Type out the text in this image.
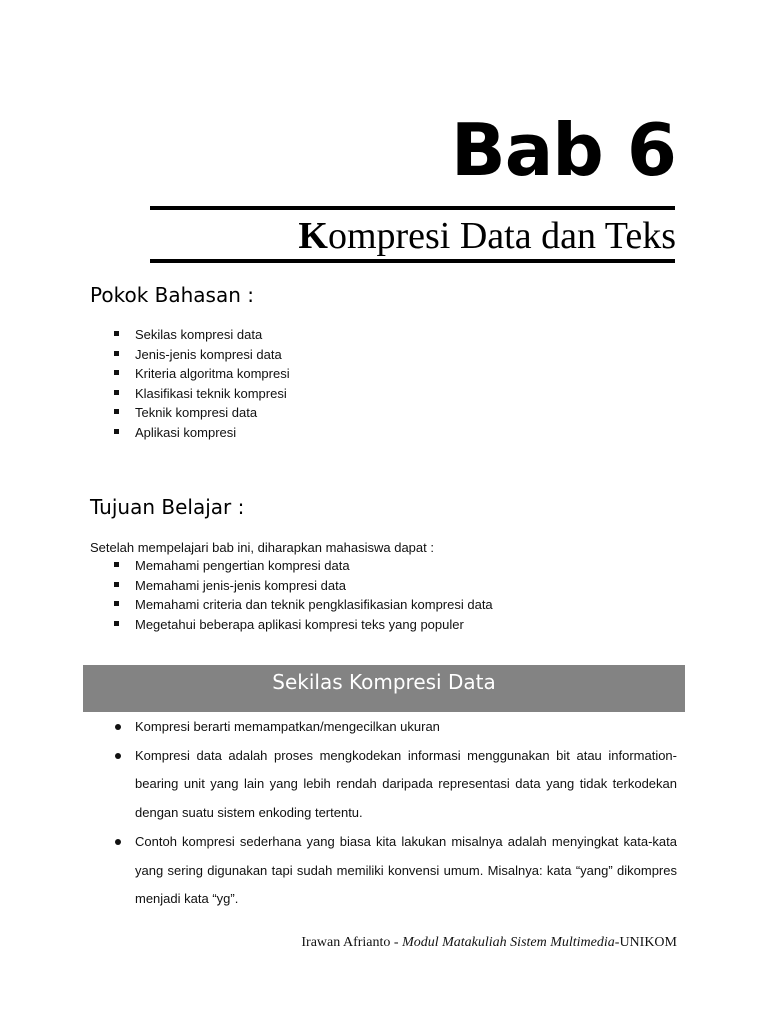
Bab 6
Kompresi Data dan Teks
Pokok Bahasan :
Sekilas kompresi data
Jenis-jenis kompresi data
Kriteria algoritma kompresi
Klasifikasi teknik kompresi
Teknik kompresi data
Aplikasi kompresi
Tujuan Belajar :
Setelah mempelajari bab ini, diharapkan mahasiswa dapat :
Memahami pengertian kompresi data
Memahami jenis-jenis kompresi data
Memahami criteria dan teknik pengklasifikasian kompresi data
Megetahui beberapa aplikasi kompresi teks yang populer
Sekilas Kompresi Data
Kompresi berarti memampatkan/mengecilkan ukuran
Kompresi data adalah proses mengkodekan informasi menggunakan bit atau information-bearing unit yang lain yang lebih rendah daripada representasi data yang tidak terkodekan dengan suatu sistem enkoding tertentu.
Contoh kompresi sederhana yang biasa kita lakukan misalnya adalah menyingkat kata-kata yang sering digunakan tapi sudah memiliki konvensi umum. Misalnya: kata “yang” dikompres menjadi kata “yg”.
Irawan Afrianto - Modul Matakuliah Sistem Multimedia-UNIKOM
